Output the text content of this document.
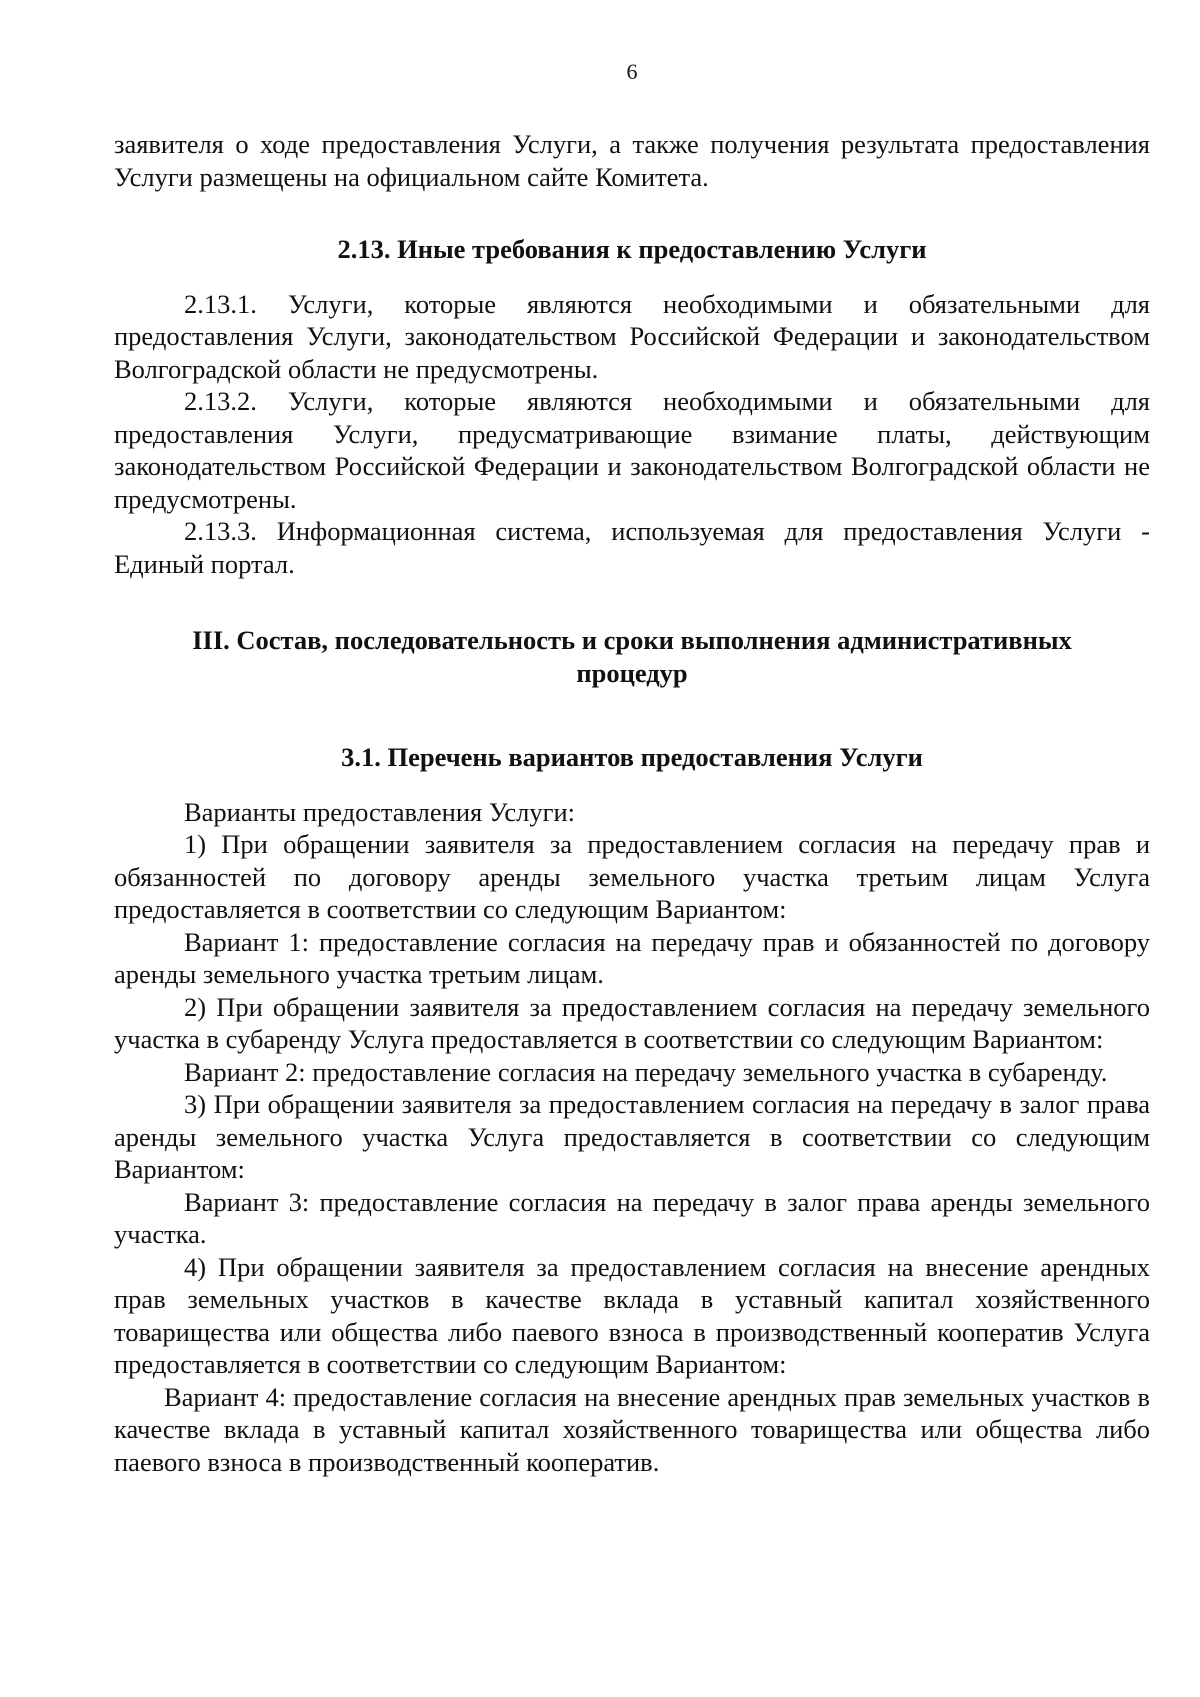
6

заявителя о ходе предоставления Услуги, а также получения результата предоставления Услуги размещены на официальном сайте Комитета.

2.13. Иные требования к предоставлению Услуги

2.13.1. Услуги, которые являются необходимыми и обязательными для предоставления Услуги, законодательством Российской Федерации и законодательством Волгоградской области не предусмотрены.

2.13.2. Услуги, которые являются необходимыми и обязательными для предоставления Услуги, предусматривающие взимание платы, действующим законодательством Российской Федерации и законодательством Волгоградской области не предусмотрены.

2.13.3. Информационная система, используемая для предоставления Услуги - Единый портал.

III. Состав, последовательность и сроки выполнения административных процедур
3.1. Перечень вариантов предоставления Услуги

Варианты предоставления Услуги:

1) При обращении заявителя за предоставлением согласия на передачу прав и обязанностей по договору аренды земельного участка третьим лицам Услуга предоставляется в соответствии со следующим Вариантом:

Вариант 1: предоставление согласия на передачу прав и обязанностей по договору аренды земельного участка третьим лицам.

2) При обращении заявителя за предоставлением согласия на передачу земельного участка в субаренду Услуга предоставляется в соответствии со следующим Вариантом:

Вариант 2: предоставление согласия на передачу земельного участка в субаренду.

3) При обращении заявителя за предоставлением согласия на передачу в залог права аренды земельного участка Услуга предоставляется в соответствии со следующим Вариантом:

Вариант 3: предоставление согласия на передачу в залог права аренды земельного участка.

4) При обращении заявителя за предоставлением согласия на внесение арендных прав земельных участков в качестве вклада в уставный капитал хозяйственного товарищества или общества либо паевого взноса в производственный кооператив Услуга предоставляется в соответствии со следующим Вариантом:

Вариант 4: предоставление согласия на внесение арендных прав земельных участков в качестве вклада в уставный капитал хозяйственного товарищества или общества либо паевого взноса в производственный кооператив.
